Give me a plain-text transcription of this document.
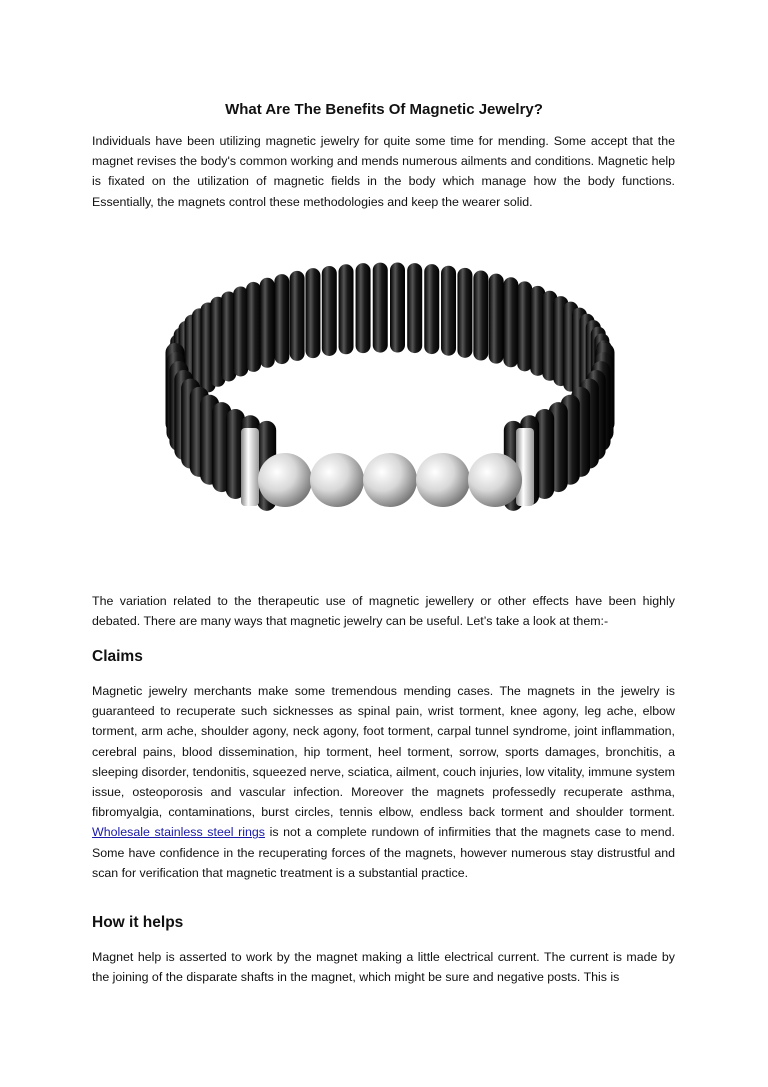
What Are The Benefits Of Magnetic Jewelry?

Individuals have been utilizing magnetic jewelry for quite some time for mending. Some accept that the magnet revises the body's common working and mends numerous ailments and conditions. Magnetic help is fixated on the utilization of magnetic fields in the body which manage how the body functions. Essentially, the magnets control these methodologies and keep the wearer solid.

The variation related to the therapeutic use of magnetic jewellery or other effects have been highly debated. There are many ways that magnetic jewelry can be useful. Let’s take a look at them:-

Claims

Magnetic jewelry merchants make some tremendous mending cases. The magnets in the jewelry is guaranteed to recuperate such sicknesses as spinal pain, wrist torment, knee agony, leg ache, elbow torment, arm ache, shoulder agony, neck agony, foot torment, carpal tunnel syndrome, joint inflammation, cerebral pains, blood dissemination, hip torment, heel torment, sorrow, sports damages, bronchitis, a sleeping disorder, tendonitis, squeezed nerve, sciatica, ailment, couch injuries, low vitality, immune system issue, osteoporosis and vascular infection. Moreover the magnets professedly recuperate asthma, fibromyalgia, contaminations, burst circles, tennis elbow, endless back torment and shoulder torment. Wholesale stainless steel rings is not a complete rundown of infirmities that the magnets case to mend. Some have confidence in the recuperating forces of the magnets, however numerous stay distrustful and scan for verification that magnetic treatment is a substantial practice.

How it helps

Magnet help is asserted to work by the magnet making a little electrical current. The current is made by the joining of the disparate shafts in the magnet, which might be sure and negative posts. This is
